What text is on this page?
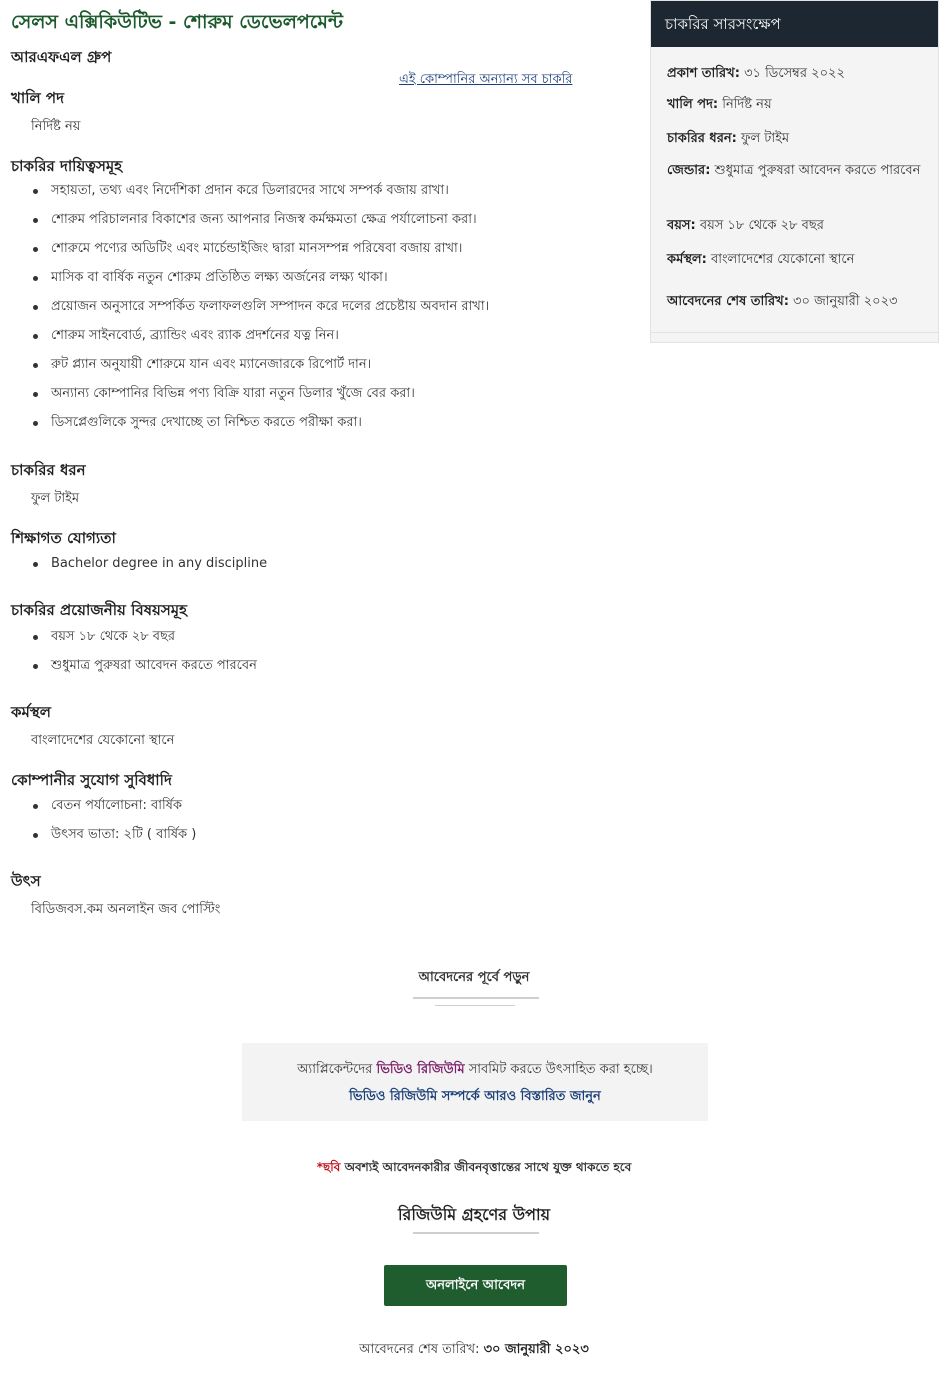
সেলস এক্সিকিউটিভ - শোরুম ডেভেলপমেন্ট
আরএফএল গ্রুপ
এই কোম্পানির অন্যান্য সব চাকরি
খালি পদ
নির্দিষ্ট নয়
চাকরির দায়িত্বসমূহ
সহায়তা, তথ্য এবং নির্দেশিকা প্রদান করে ডিলারদের সাথে সম্পর্ক বজায় রাখা।
শোরুম পরিচালনার বিকাশের জন্য আপনার নিজস্ব কর্মক্ষমতা ক্ষেত্র পর্যালোচনা করা।
শোরুমে পণ্যের অডিটিং এবং মার্চেন্ডাইজিং দ্বারা মানসম্পন্ন পরিষেবা বজায় রাখা।
মাসিক বা বার্ষিক নতুন শোরুম প্রতিষ্ঠিত লক্ষ্য অর্জনের লক্ষ্য থাকা।
প্রয়োজন অনুসারে সম্পর্কিত ফলাফলগুলি সম্পাদন করে দলের প্রচেষ্টায় অবদান রাখা।
শোরুম সাইনবোর্ড, ব্র্যান্ডিং এবং র‌্যাক প্রদর্শনের যত্ন নিন।
রুট প্ল্যান অনুযায়ী শোরুমে যান এবং ম্যানেজারকে রিপোর্ট দান।
অন্যান্য কোম্পানির বিভিন্ন পণ্য বিক্রি যারা নতুন ডিলার খুঁজে বের করা।
ডিসপ্লেগুলিকে সুন্দর দেখাচ্ছে তা নিশ্চিত করতে পরীক্ষা করা।
চাকরির ধরন
ফুল টাইম
শিক্ষাগত যোগ্যতা
Bachelor degree in any discipline
চাকরির প্রয়োজনীয় বিষয়সমূহ
বয়স ১৮ থেকে ২৮ বছর
শুধুমাত্র পুরুষরা আবেদন করতে পারবেন
কর্মস্থল
বাংলাদেশের যেকোনো স্থানে
কোম্পানীর সুযোগ সুবিধাদি
বেতন পর্যালোচনা: বার্ষিক
উৎসব ভাতা: ২টি ( বার্ষিক )
উৎস
বিডিজবস.কম অনলাইন জব পোস্টিং
চাকরির সারসংক্ষেপ
প্রকাশ তারিখ: ৩১ ডিসেম্বর ২০২২
খালি পদ: নির্দিষ্ট নয়
চাকরির ধরন: ফুল টাইম
জেন্ডার: শুধুমাত্র পুরুষরা আবেদন করতে পারবেন
বয়স: বয়স ১৮ থেকে ২৮ বছর
কর্মস্থল: বাংলাদেশের যেকোনো স্থানে
আবেদনের শেষ তারিখ: ৩০ জানুয়ারী ২০২৩
আবেদনের পূর্বে পড়ুন
অ্যাপ্লিকেন্টদের ভিডিও রিজিউমি সাবমিট করতে উৎসাহিত করা হচ্ছে।
ভিডিও রিজিউমি সম্পর্কে আরও বিস্তারিত জানুন
*ছবি অবশ্যই আবেদনকারীর জীবনবৃত্তান্তের সাথে যুক্ত থাকতে হবে
রিজিউমি গ্রহণের উপায়
অনলাইনে আবেদন
আবেদনের শেষ তারিখ: ৩০ জানুয়ারী ২০২৩
